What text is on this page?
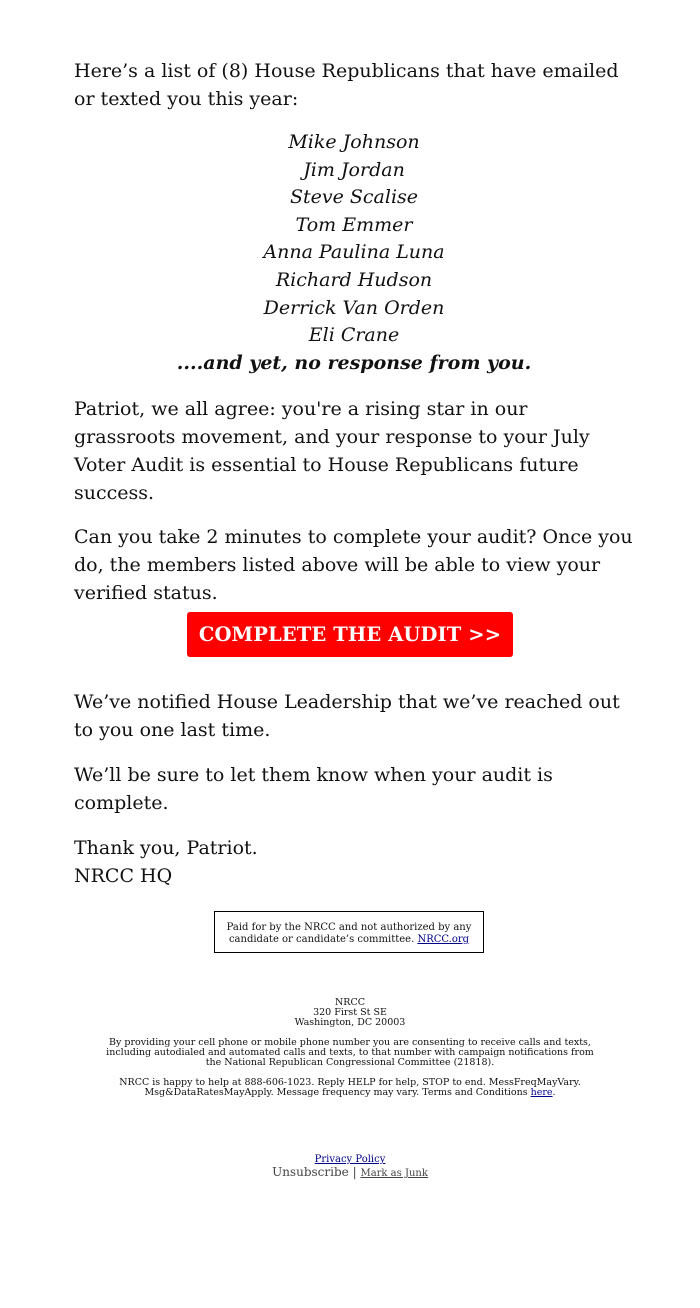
Here’s a list of (8) House Republicans that have emailed or texted you this year:

Mike Johnson
Jim Jordan
Steve Scalise
Tom Emmer
Anna Paulina Luna
Richard Hudson
Derrick Van Orden
Eli Crane
....and yet, no response from you.

Patriot, we all agree: you're a rising star in our grassroots movement, and your response to your July Voter Audit is essential to House Republicans future success.

Can you take 2 minutes to complete your audit? Once you do, the members listed above will be able to view your verified status.

COMPLETE THE AUDIT >>

We’ve notified House Leadership that we’ve reached out to you one last time.

We’ll be sure to let them know when your audit is complete.

Thank you, Patriot.
NRCC HQ

Paid for by the NRCC and not authorized by any candidate or candidate’s committee. NRCC.org
NRCC
320 First St SE
Washington, DC 20003

By providing your cell phone or mobile phone number you are consenting to receive calls and texts, including autodialed and automated calls and texts, to that number with campaign notifications from the National Republican Congressional Committee (21818).

NRCC is happy to help at 888-606-1023. Reply HELP for help, STOP to end. MessFreqMayVary. Msg&DataRatesMayApply. Message frequency may vary. Terms and Conditions here.

Privacy Policy
Unsubscribe | Mark as Junk
